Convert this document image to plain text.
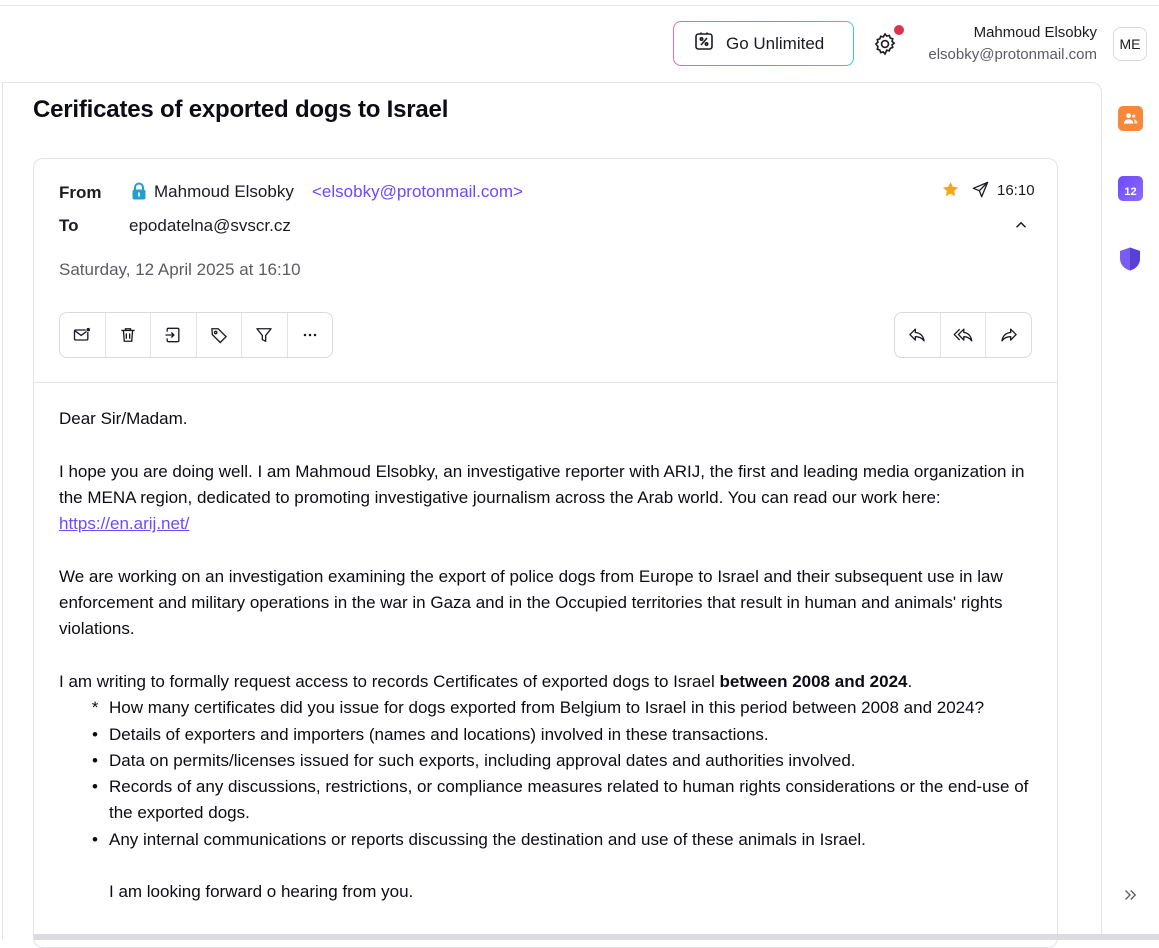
Go Unlimited
Mahmoud Elsobky
elsobky@protonmail.com
ME
Cerificates of exported dogs to Israel
From	Mahmoud Elsobky <elsobky@protonmail.com>
To	epodatelna@svscr.cz
16:10
Saturday, 12 April 2025 at 16:10

Dear Sir/Madam.

I hope you are doing well. I am Mahmoud Elsobky, an investigative reporter with ARIJ, the first and leading media organization in the MENA region, dedicated to promoting investigative journalism across the Arab world. You can read our work here: https://en.arij.net/

We are working on an investigation examining the export of police dogs from Europe to Israel and their subsequent use in law enforcement and military operations in the war in Gaza and in the Occupied territories that result in human and animals' rights violations.

I am writing to formally request access to records Certificates of exported dogs to Israel between 2008 and 2024.

* How many certificates did you issue for dogs exported from Belgium to Israel in this period between 2008 and 2024?
• Details of exporters and importers (names and locations) involved in these transactions.
• Data on permits/licenses issued for such exports, including approval dates and authorities involved.
• Records of any discussions, restrictions, or compliance measures related to human rights considerations or the end-use of the exported dogs.
• Any internal communications or reports discussing the destination and use of these animals in Israel.

I am looking forward o hearing from you.

12
